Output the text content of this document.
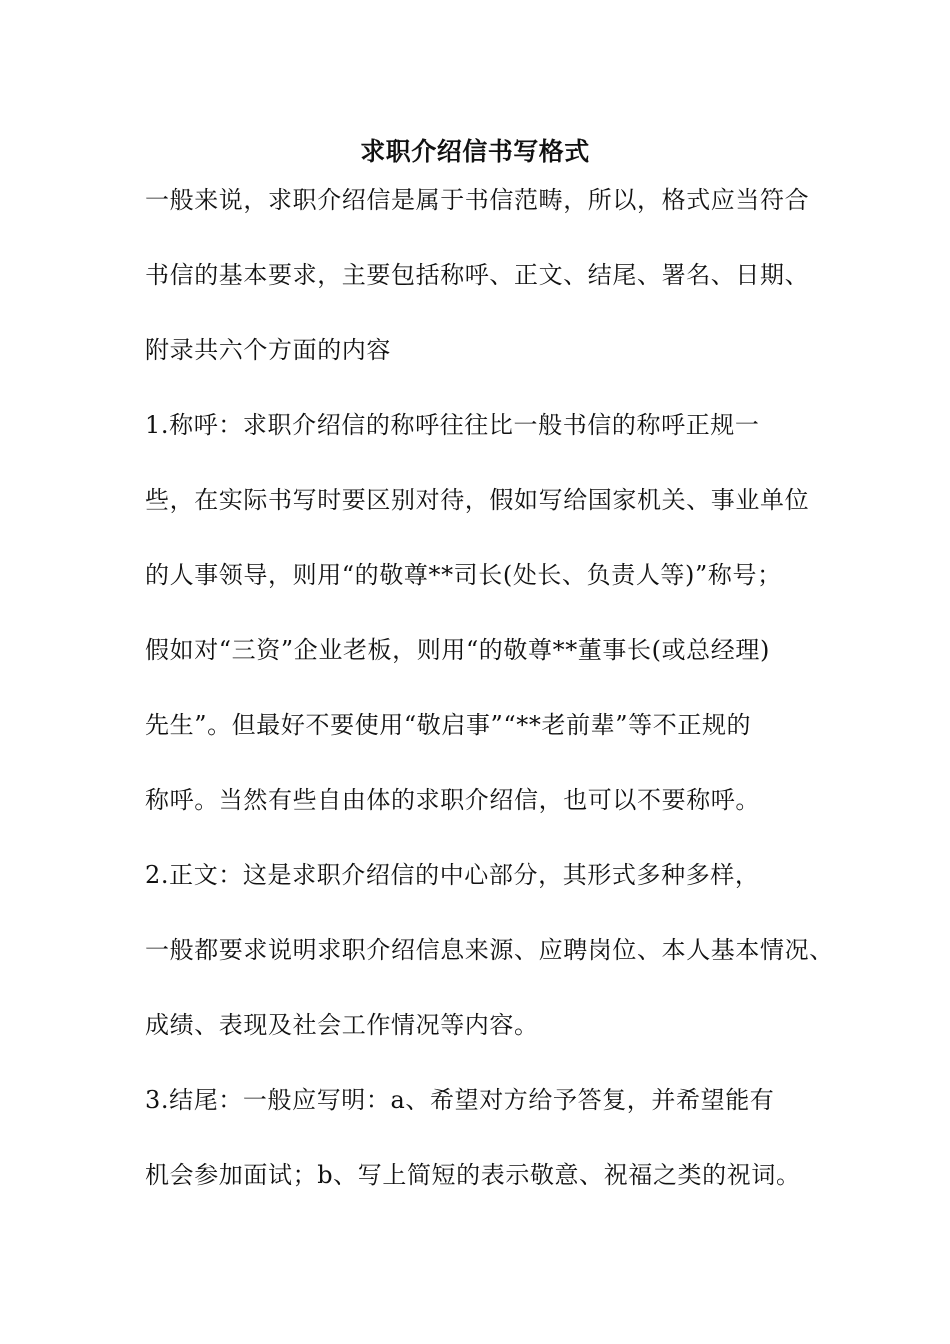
求职介绍信书写格式
一般来说，求职介绍信是属于书信范畴，所以，格式应当符合
书信的基本要求，主要包括称呼、正文、结尾、署名、日期、
附录共六个方面的内容
1.称呼：求职介绍信的称呼往往比一般书信的称呼正规一
些，在实际书写时要区别对待，假如写给国家机关、事业单位
的人事领导，则用“的敬尊**司长(处长、负责人等)”称号；
假如对“三资”企业老板，则用“的敬尊**董事长(或总经理)
先生”。但最好不要使用“敬启事”“**老前辈”等不正规的
称呼。当然有些自由体的求职介绍信，也可以不要称呼。
2.正文：这是求职介绍信的中心部分，其形式多种多样，
一般都要求说明求职介绍信息来源、应聘岗位、本人基本情况、
成绩、表现及社会工作情况等内容。
3.结尾：一般应写明：a、希望对方给予答复，并希望能有
机会参加面试；b、写上简短的表示敬意、祝福之类的祝词。
